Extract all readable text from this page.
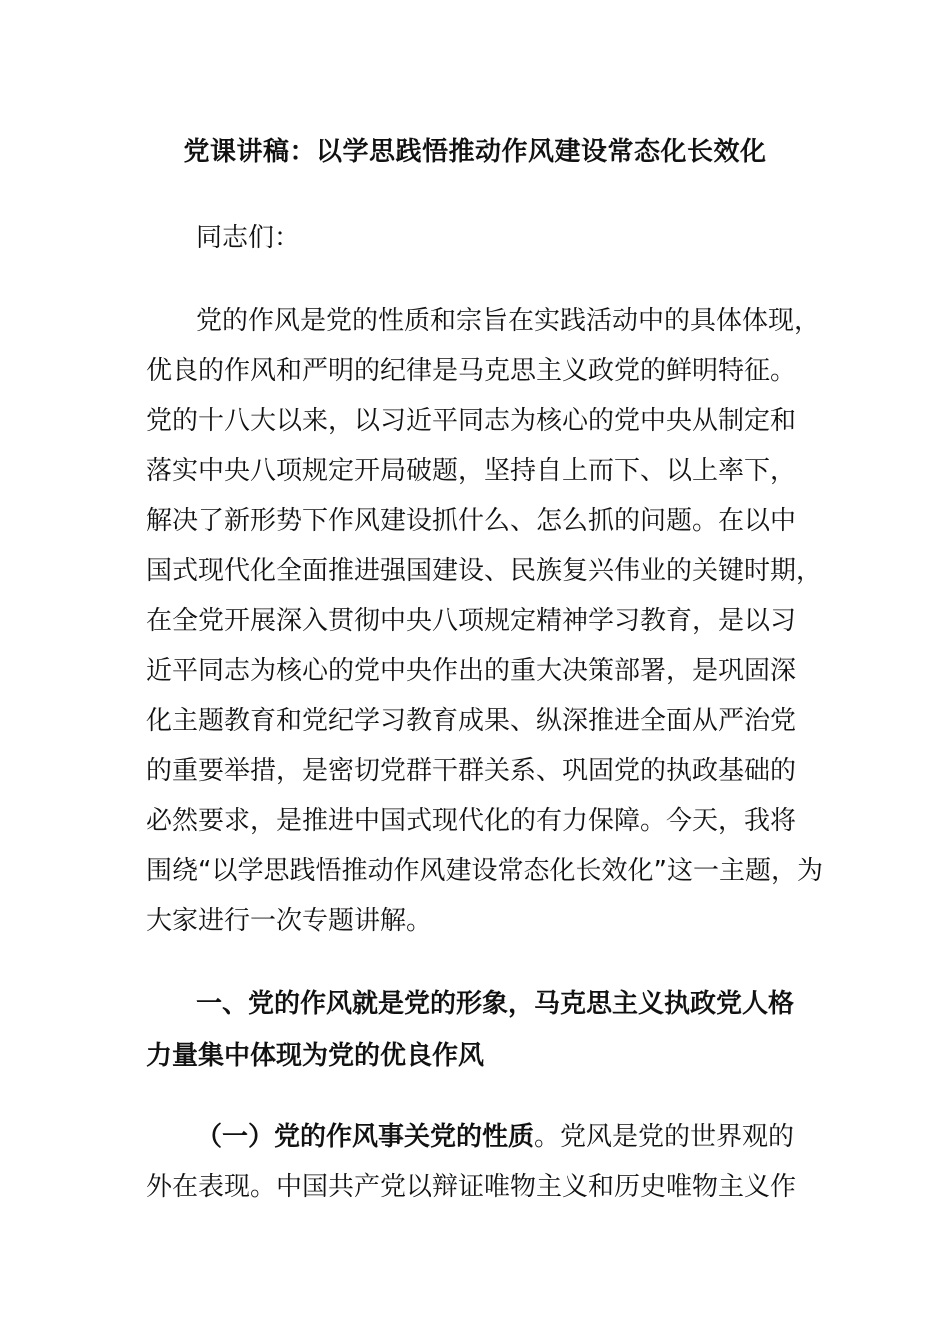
党课讲稿：以学思践悟推动作风建设常态化长效化
同志们：
党的作风是党的性质和宗旨在实践活动中的具体体现，
优良的作风和严明的纪律是马克思主义政党的鲜明特征。
党的十八大以来，以习近平同志为核心的党中央从制定和
落实中央八项规定开局破题，坚持自上而下、以上率下，
解决了新形势下作风建设抓什么、怎么抓的问题。在以中
国式现代化全面推进强国建设、民族复兴伟业的关键时期，
在全党开展深入贯彻中央八项规定精神学习教育，是以习
近平同志为核心的党中央作出的重大决策部署，是巩固深
化主题教育和党纪学习教育成果、纵深推进全面从严治党
的重要举措，是密切党群干群关系、巩固党的执政基础的
必然要求，是推进中国式现代化的有力保障。今天，我将
围绕“以学思践悟推动作风建设常态化长效化”这一主题，为
大家进行一次专题讲解。
一、党的作风就是党的形象，马克思主义执政党人格
力量集中体现为党的优良作风
（一）党的作风事关党的性质。党风是党的世界观的
外在表现。中国共产党以辩证唯物主义和历史唯物主义作
